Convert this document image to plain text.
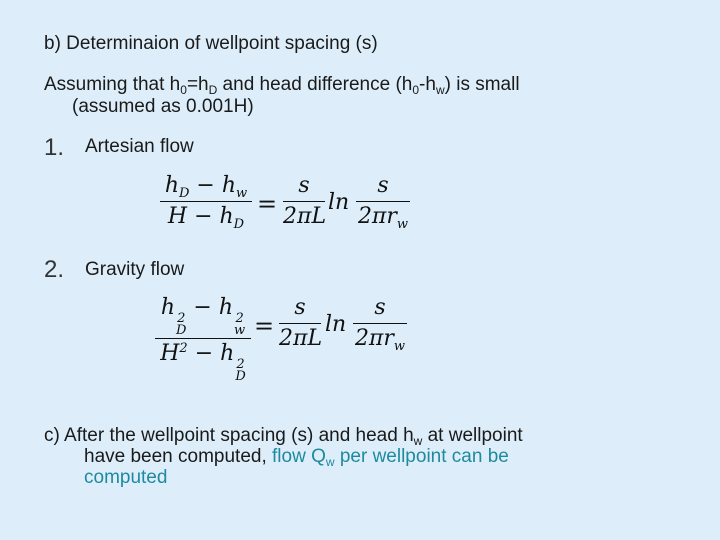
b) Determinaion of wellpoint spacing (s)
Assuming that $h_0=h_D$ and head difference $(h_0-h_w)$ is small
(assumed as 0.001H)
1. Artesian flow
$h_D - h_w$
$H - h_D$
=
s
2πL
ln
s
$2\pi r_w$
2. Gravity flow
h 2
D
− h 2
w
$H^2 - h$ 2
D
=
s
2πL
ln
s
$2\pi r_w$
c) After the wellpoint spacing (s) and head $h_w$ at wellpoint
have been computed, flow $Q_w$ per wellpoint can be
computed
